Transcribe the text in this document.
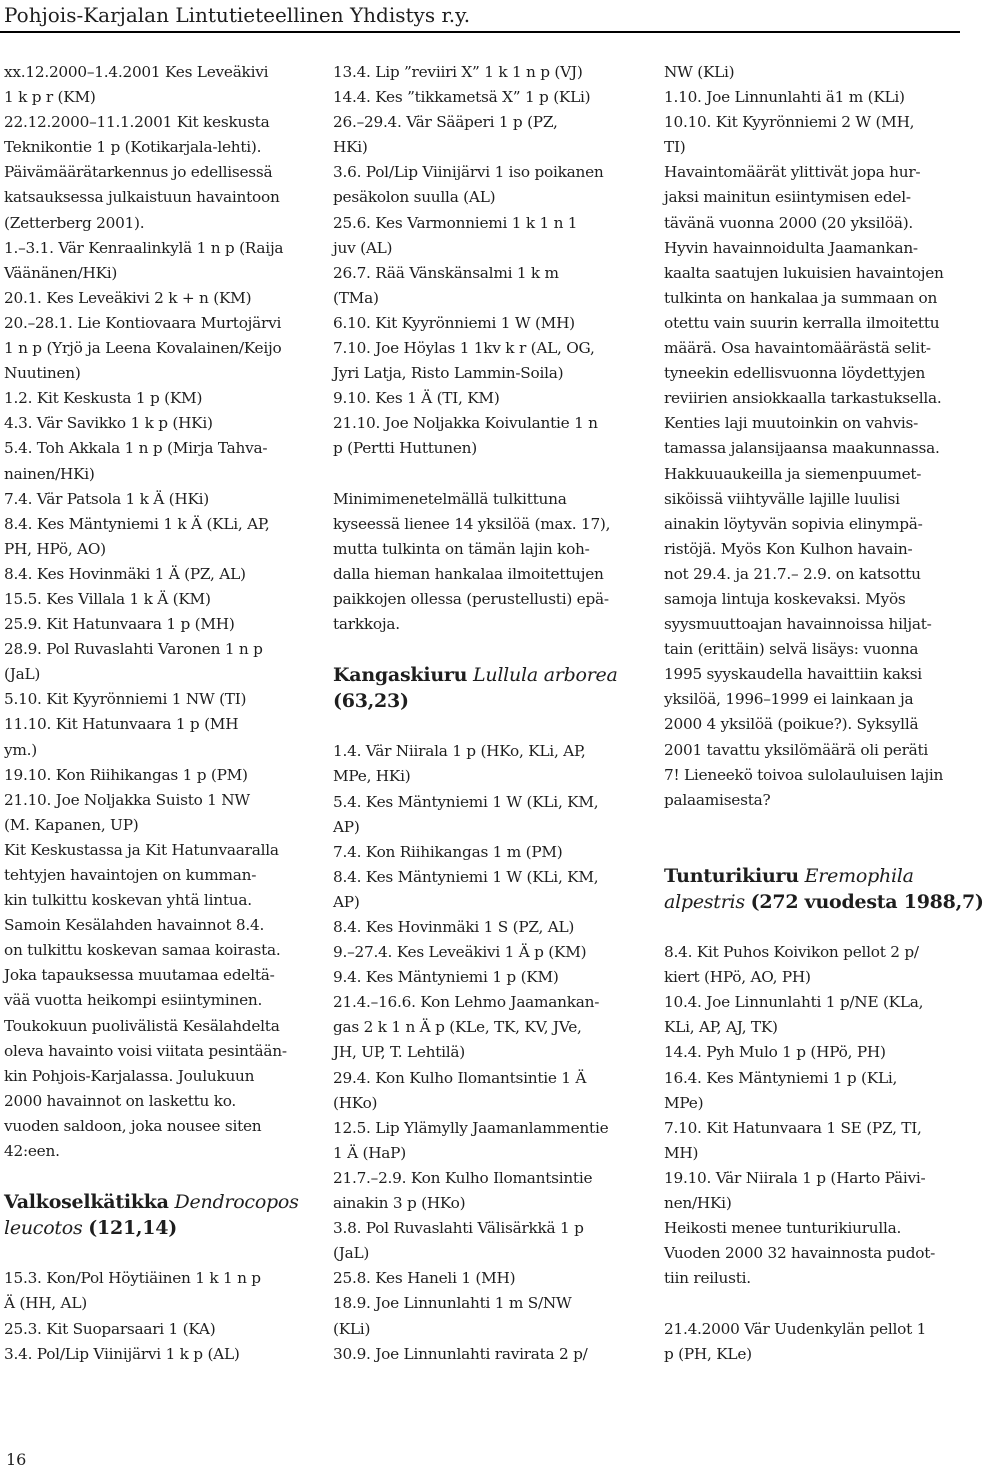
Pohjois-Karjalan Lintutieteellinen Yhdistys r.y.
xx.12.2000–1.4.2001 Kes Leveäkivi
1 k p r (KM)
22.12.2000–11.1.2001 Kit keskusta
Teknikontie 1 p (Kotikarjala-lehti).
Päivämäärätarkennus jo edellisessä
katsauksessa julkaistuun havaintoon
(Zetterberg 2001).
1.–3.1. Vär Kenraalinkylä 1 n p (Raija
Väänänen/HKi)
20.1. Kes Leveäkivi 2 k + n (KM)
20.–28.1. Lie Kontiovaara Murtojärvi
1 n p (Yrjö ja Leena Kovalainen/Keijo
Nuutinen)
1.2. Kit Keskusta 1 p (KM)
4.3. Vär Savikko 1 k p (HKi)
5.4. Toh Akkala 1 n p (Mirja Tahva-
nainen/HKi)
7.4. Vär Patsola 1 k Ä (HKi)
8.4. Kes Mäntyniemi 1 k Ä (KLi, AP,
PH, HPö, AO)
8.4. Kes Hovinmäki 1 Ä (PZ, AL)
15.5. Kes Villala 1 k Ä (KM)
25.9. Kit Hatunvaara 1 p (MH)
28.9. Pol Ruvaslahti Varonen 1 n p
(JaL)
5.10. Kit Kyyrönniemi 1 NW (TI)
11.10. Kit Hatunvaara 1 p (MH
ym.)
19.10. Kon Riihikangas 1 p (PM)
21.10. Joe Noljakka Suisto 1 NW
(M. Kapanen, UP)
Kit Keskustassa ja Kit Hatunvaaralla
tehtyjen havaintojen on kumman-
kin tulkittu koskevan yhtä lintua.
Samoin Kesälahden havainnot 8.4.
on tulkittu koskevan samaa koirasta.
Joka tapauksessa muutamaa edeltä-
vää vuotta heikompi esiintyminen.
Toukokuun puolivälistä Kesälahdelta
oleva havainto voisi viitata pesintään-
kin Pohjois-Karjalassa. Joulukuun
2000 havainnot on laskettu ko.
vuoden saldoon, joka nousee siten
42:een.
Valkoselkätikka Dendrocopos
leucotos (121,14)
15.3. Kon/Pol Höytiäinen 1 k 1 n p
Ä (HH, AL)
25.3. Kit Suoparsaari 1 (KA)
3.4. Pol/Lip Viinijärvi 1 k p (AL)
13.4. Lip ”reviiri X” 1 k 1 n p (VJ)
14.4. Kes ”tikkametsä X” 1 p (KLi)
26.–29.4. Vär Sääperi 1 p (PZ,
HKi)
3.6. Pol/Lip Viinijärvi 1 iso poikanen
pesäkolon suulla (AL)
25.6. Kes Varmonniemi 1 k 1 n 1
juv (AL)
26.7. Rää Vänskänsalmi 1 k m
(TMa)
6.10. Kit Kyyrönniemi 1 W (MH)
7.10. Joe Höylas 1 1kv k r (AL, OG,
Jyri Latja, Risto Lammin-Soila)
9.10. Kes 1 Ä (TI, KM)
21.10. Joe Noljakka Koivulantie 1 n
p (Pertti Huttunen)
Minimimenetelmällä tulkittuna
kyseessä lienee 14 yksilöä (max. 17),
mutta tulkinta on tämän lajin koh-
dalla hieman hankalaa ilmoitettujen
paikkojen ollessa (perustellusti) epä-
tarkkoja.
Kangaskiuru Lullula arborea
(63,23)
1.4. Vär Niirala 1 p (HKo, KLi, AP,
MPe, HKi)
5.4. Kes Mäntyniemi 1 W (KLi, KM,
AP)
7.4. Kon Riihikangas 1 m (PM)
8.4. Kes Mäntyniemi 1 W (KLi, KM,
AP)
8.4. Kes Hovinmäki 1 S (PZ, AL)
9.–27.4. Kes Leveäkivi 1 Ä p (KM)
9.4. Kes Mäntyniemi 1 p (KM)
21.4.–16.6. Kon Lehmo Jaamankan-
gas 2 k 1 n Ä p (KLe, TK, KV, JVe,
JH, UP, T. Lehtilä)
29.4. Kon Kulho Ilomantsintie 1 Ä
(HKo)
12.5. Lip Ylämylly Jaamanlammentie
1 Ä (HaP)
21.7.–2.9. Kon Kulho Ilomantsintie
ainakin 3 p (HKo)
3.8. Pol Ruvaslahti Välisärkkä 1 p
(JaL)
25.8. Kes Haneli 1 (MH)
18.9. Joe Linnunlahti 1 m S/NW
(KLi)
30.9. Joe Linnunlahti ravirata 2 p/
NW (KLi)
1.10. Joe Linnunlahti ä1 m (KLi)
10.10. Kit Kyyrönniemi 2 W (MH,
TI)
Havaintomäärät ylittivät jopa hur-
jaksi mainitun esiintymisen edel-
tävänä vuonna 2000 (20 yksilöä).
Hyvin havainnoidulta Jaamankan-
kaalta saatujen lukuisien havaintojen
tulkinta on hankalaa ja summaan on
otettu vain suurin kerralla ilmoitettu
määrä. Osa havaintomäärästä selit-
tyneekin edellisvuonna löydettyjen
reviirien ansiokkaalla tarkastuksella.
Kenties laji muutoinkin on vahvis-
tamassa jalansijaansa maakunnassa.
Hakkuuaukeilla ja siemenpuumet-
siköissä viihtyvälle lajille luulisi
ainakin löytyvän sopivia elinympä-
ristöjä. Myös Kon Kulhon havain-
not 29.4. ja 21.7.– 2.9. on katsottu
samoja lintuja koskevaksi. Myös
syysmuuttoajan havainnoissa hiljat-
tain (erittäin) selvä lisäys: vuonna
1995 syyskaudella havaittiin kaksi
yksilöä, 1996–1999 ei lainkaan ja
2000 4 yksilöä (poikue?). Syksyllä
2001 tavattu yksilömäärä oli peräti
7! Lieneekö toivoa sulolauluisen lajin
palaamisesta?
Tunturikiuru Eremophila
alpestris (272 vuodesta 1988,7)
8.4. Kit Puhos Koivikon pellot 2 p/
kiert (HPö, AO, PH)
10.4. Joe Linnunlahti 1 p/NE (KLa,
KLi, AP, AJ, TK)
14.4. Pyh Mulo 1 p (HPö, PH)
16.4. Kes Mäntyniemi 1 p (KLi,
MPe)
7.10. Kit Hatunvaara 1 SE (PZ, TI,
MH)
19.10. Vär Niirala 1 p (Harto Päivi-
nen/HKi)
Heikosti menee tunturikiurulla.
Vuoden 2000 32 havainnosta pudot-
tiin reilusti.
21.4.2000 Vär Uudenkylän pellot 1
p (PH, KLe)
16
